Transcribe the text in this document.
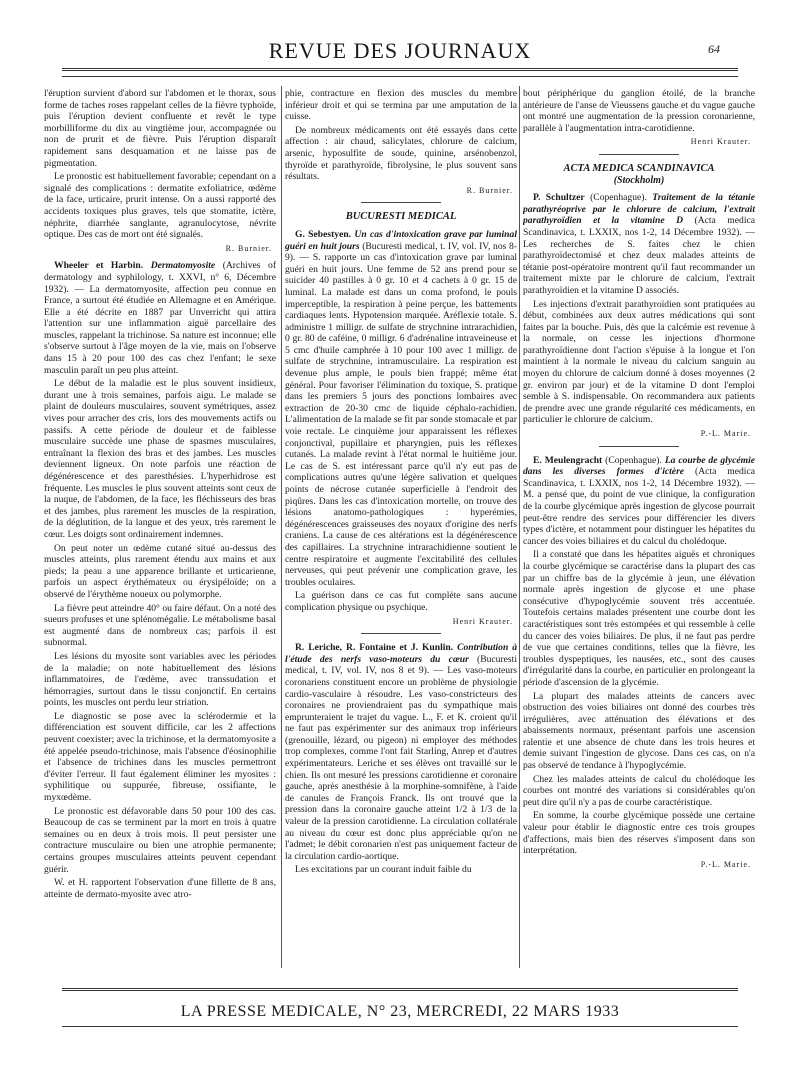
REVUE DES JOURNAUX	64

l'éruption survient d'abord sur l'abdomen et le thorax, sous forme de taches roses rappelant celles de la fièvre typhoïde, puis l'éruption devient confluente et revêt le type morbilliforme du dix au vingtième jour, accompagnée ou non de prurit et de fièvre. Puis l'éruption disparaît rapidement sans desquamation et ne laisse pas de pigmentation.

Le pronostic est habituellement favorable; cependant on a signalé des complications : dermatite exfoliatrice, œdème de la face, urticaire, prurit intense. On a aussi rapporté des accidents toxiques plus graves, tels que stomatite, ictère, néphrite, diarrhée sanglante, agranulocytose, névrite optique. Des cas de mort ont été signalés.

R. Burnier.

Wheeler et Harbin. Dermatomyosite (Archives of dermatology and syphilology, t. XXVI, n° 6, Décembre 1932). — La dermatomyosite, affection peu connue en France, a surtout été étudiée en Allemagne et en Amérique. Elle a été décrite en 1887 par Unverricht qui attira l'attention sur une inflammation aiguë parcellaire des muscles, rappelant la trichinose. Sa nature est inconnue; elle s'observe surtout à l'âge moyen de la vie, mais on l'observe dans 15 à 20 pour 100 des cas chez l'enfant; le sexe masculin paraît un peu plus atteint.

Le début de la maladie est le plus souvent insidieux, durant une à trois semaines, parfois aigu. Le malade se plaint de douleurs musculaires, souvent symétriques, assez vives pour arracher des cris, lors des mouvements actifs ou passifs. A cette période de douleur et de faiblesse musculaire succède une phase de spasmes musculaires, entraînant la flexion des bras et des jambes. Les muscles deviennent ligneux. On note parfois une réaction de dégénérescence et des paresthésies. L'hyperhidrose est fréquente. Les muscles le plus souvent atteints sont ceux de la nuque, de l'abdomen, de la face, les fléchisseurs des bras et des jambes, plus rarement les muscles de la respiration, de la déglutition, de la langue et des yeux, très rarement le cœur. Les doigts sont ordinairement indemnes.

On peut noter un œdème cutané situé au-dessus des muscles atteints, plus rarement étendu aux mains et aux pieds; la peau a une apparence brillante et urticarienne, parfois un aspect érythémateux ou érysipéloïde; on a observé de l'érythème noueux ou polymorphe.

La fièvre peut atteindre 40° ou faire défaut. On a noté des sueurs profuses et une splénomégalie. Le métabolisme basal est augmenté dans de nombreux cas; parfois il est subnormal.

Les lésions du myosite sont variables avec les périodes de la maladie; on note habituellement des lésions inflammatoires, de l'œdème, avec transsudation et hémorragies, surtout dans le tissu conjonctif. En certains points, les muscles ont perdu leur striation.

Le diagnostic se pose avec la sclérodermie et la différenciation est souvent difficile, car les 2 affections peuvent coexister; avec la trichinose, et la dermatomyosite a été appelée pseudo-trichinose, mais l'absence d'éosinophilie et l'absence de trichines dans les muscles permettront d'éviter l'erreur. Il faut également éliminer les myosites : syphilitique ou suppurée, fibreuse, ossifiante, le myxœdème.

Le pronostic est défavorable dans 50 pour 100 des cas. Beaucoup de cas se terminent par la mort en trois à quatre semaines ou en deux à trois mois. Il peut persister une contracture musculaire ou bien une atrophie permanente; certains groupes musculaires atteints peuvent cependant guérir.

W. et H. rapportent l'observation d'une fillette de 8 ans, atteinte de dermato-myosite avec atro-

phie, contracture en flexion des muscles du membre inférieur droit et qui se termina par une amputation de la cuisse.

De nombreux médicaments ont été essayés dans cette affection : air chaud, salicylates, chlorure de calcium, arsenic, hyposulfite de soude, quinine, arsénobenzol, thyroïde et parathyroïde, fibrolysine, le plus souvent sans résultats.

R. Burnier.
BUCURESTI MEDICAL

G. Sebestyen. Un cas d'intoxication grave par luminal guéri en huit jours (Bucuresti medical, t. IV, vol. IV, nos 8-9). — S. rapporte un cas d'intoxication grave par luminal guéri en huit jours. Une femme de 52 ans prend pour se suicider 40 pastilles à 0 gr. 10 et 4 cachets à 0 gr. 15 de luminal. La malade est dans un coma profond, le pouls imperceptible, la respiration à peine perçue, les battements cardiaques lents. Hypotension marquée. Aréflexie totale. S. administre 1 milligr. de sulfate de strychnine intrarachidien, 0 gr. 80 de caféine, 0 milligr. 6 d'adrénaline intraveineuse et 5 cmc d'huile camphrée à 10 pour 100 avec 1 milligr. de sulfate de strychnine, intramusculaire. La respiration est devenue plus ample, le pouls bien frappé; même état général. Pour favoriser l'élimination du toxique, S. pratique dans les premiers 5 jours des ponctions lombaires avec extraction de 20-30 cmc de liquide céphalo-rachidien. L'alimentation de la malade se fit par sonde stomacale et par voie rectale. Le cinquième jour apparaissent les réflexes conjonctival, pupillaire et pharyngien, puis les réflexes cutanés. La malade revint à l'état normal le huitième jour. Le cas de S. est intéressant parce qu'il n'y eut pas de complications autres qu'une légère salivation et quelques points de nécrose cutanée superficielle à l'endroit des piqûres. Dans les cas d'intoxication mortelle, on trouve des lésions anatomo-pathologiques : hyperémies, dégénérescences graisseuses des noyaux d'origine des nerfs craniens. La cause de ces altérations est la dégénérescence des capillaires. La strychnine intrarachidienne soutient le centre respiratoire et augmente l'excitabilité des cellules nerveuses, qui peut prévenir une complication grave, les troubles oculaires.

La guérison dans ce cas fut complète sans aucune complication physique ou psychique.

Henri Krauter.

R. Leriche, R. Fontaine et J. Kunlin. Contribution à l'étude des nerfs vaso-moteurs du cœur (Bucuresti medical, t. IV, vol. IV, nos 8 et 9). — Les vaso-moteurs coronariens constituent encore un problème de physiologie cardio-vasculaire à résoudre. Les vaso-constricteurs des coronaires ne proviendraient pas du sympathique mais emprunteraient le trajet du vague. L., F. et K. croient qu'il ne faut pas expérimenter sur des animaux trop inférieurs (grenouille, lézard, ou pigeon) ni employer des méthodes trop complexes, comme l'ont fait Starling, Anrep et d'autres expérimentateurs. Leriche et ses élèves ont travaillé sur le chien. Ils ont mesuré les pressions carotidienne et coronaire gauche, après anesthésie à la morphine-somnifène, à l'aide de canules de François Franck. Ils ont trouvé que la pression dans la coronaire gauche atteint 1/2 à 1/3 de la valeur de la pression carotidienne. La circulation collatérale au niveau du cœur est donc plus appréciable qu'on ne l'admet; le débit coronarien n'est pas uniquement facteur de la circulation cardio-aortique.

Les excitations par un courant induit faible du

bout périphérique du ganglion étoilé, de la branche antérieure de l'anse de Vieussens gauche et du vague gauche ont montré une augmentation de la pression coronarienne, parallèle à l'augmentation intra-carotidienne.

Henri Krauter.
ACTA MEDICA SCANDINAVICA
(Stockholm)

P. Schultzer (Copenhague). Traitement de la tétanie parathyréoprive par le chlorure de calcium, l'extrait parathyroïdien et la vitamine D (Acta medica Scandinavica, t. LXXIX, nos 1-2, 14 Décembre 1932). — Les recherches de S. faites chez le chien parathyroïdectomisé et chez deux malades atteints de tétanie post-opératoire montrent qu'il faut recommander un traitement mixte par le chlorure de calcium, l'extrait parathyroïdien et la vitamine D associés.

Les injections d'extrait parathyroïdien sont pratiquées au début, combinées aux deux autres médications qui sont faites par la bouche. Puis, dès que la calcémie est revenue à la normale, on cesse les injections d'hormone parathyroïdienne dont l'action s'épuise à la longue et l'on maintient à la normale le niveau du calcium sanguin au moyen du chlorure de calcium donné à doses moyennes (2 gr. environ par jour) et de la vitamine D dont l'emploi semble à S. indispensable. On recommandera aux patients de prendre avec une grande régularité ces médicaments, en particulier le chlorure de calcium.

P.-L. Marie.

E. Meulengracht (Copenhague). La courbe de glycémie dans les diverses formes d'ictère (Acta medica Scandinavica, t. LXXIX, nos 1-2, 14 Décembre 1932). — M. a pensé que, du point de vue clinique, la configuration de la courbe glycémique après ingestion de glycose pourrait peut-être rendre des services pour différencier les divers types d'ictère, et notamment pour distinguer les hépatites du cancer des voies biliaires et du calcul du cholédoque.

Il a constaté que dans les hépatites aiguës et chroniques la courbe glycémique se caractérise dans la plupart des cas par un chiffre bas de la glycémie à jeun, une élévation normale après ingestion de glycose et une phase consécutive d'hypoglycémie souvent très accentuée. Toutefois certains malades présentent une courbe dont les caractéristiques sont très estompées et qui ressemble à celle du cancer des voies biliaires. De plus, il ne faut pas perdre de vue que certaines conditions, telles que la fièvre, les troubles dyspeptiques, les nausées, etc., sont des causes d'irrégularité dans la courbe, en particulier en prolongeant la période d'ascension de la glycémie.

La plupart des malades atteints de cancers avec obstruction des voies biliaires ont donné des courbes très irrégulières, avec atténuation des élévations et des abaissements normaux, présentant parfois une ascension ralentie et une absence de chute dans les trois heures et demie suivant l'ingestion de glycose. Dans ces cas, on n'a pas observé de tendance à l'hypoglycémie.

Chez les malades atteints de calcul du cholédoque les courbes ont montré des variations si considérables qu'on peut dire qu'il n'y a pas de courbe caractéristique.

En somme, la courbe glycémique possède une certaine valeur pour établir le diagnostic entre ces trois groupes d'affections, mais bien des réserves s'imposent dans son interprétation.

P.-L. Marie.
LA PRESSE MEDICALE, N° 23, MERCREDI, 22 MARS 1933
